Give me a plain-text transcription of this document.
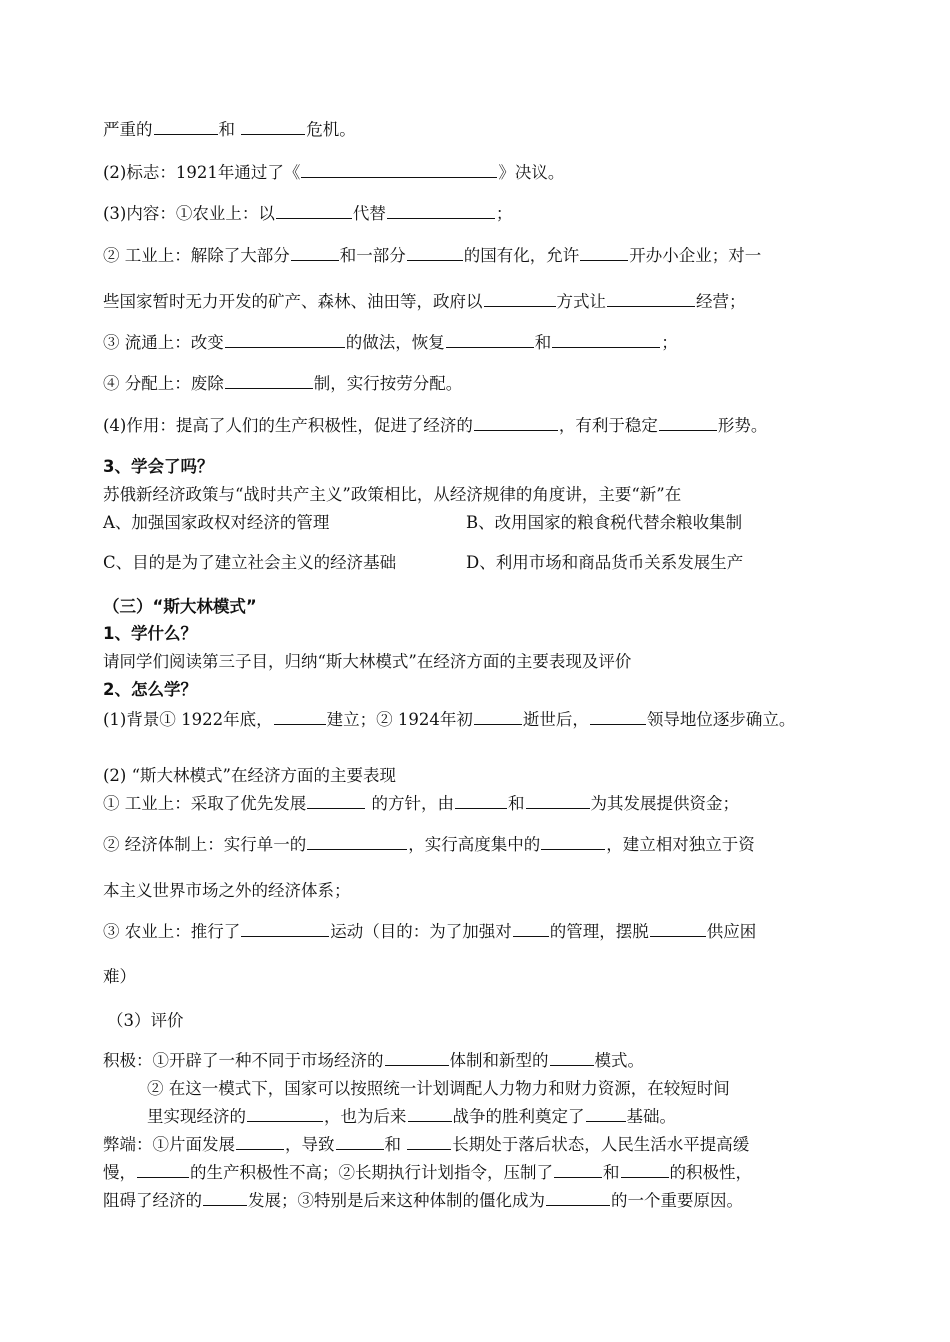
严重的	和	危机。
(2)标志：1921年通过了《	》决议。
(3)内容：①农业上：以	代替	；
② 工业上：解除了大部分	和一部分	的国有化，允许	开办小企业；对一
些国家暂时无力开发的矿产、森林、油田等，政府以	方式让	经营；
③ 流通上：改变	的做法，恢复	和	；
④ 分配上：废除	制，实行按劳分配。
(4)作用：提高了人们的生产积极性，促进了经济的	，有利于稳定	形势。
3、学会了吗？
苏俄新经济政策与“战时共产主义”政策相比，从经济规律的角度讲，主要“新”在
A、加强国家政权对经济的管理	B、改用国家的粮食税代替余粮收集制
C、目的是为了建立社会主义的经济基础	D、利用市场和商品货币关系发展生产
（三）“斯大林模式”
1、学什么？
请同学们阅读第三子目，归纳“斯大林模式”在经济方面的主要表现及评价
2、怎么学？
(1)背景① 1922年底，	建立；② 1924年初	逝世后，	领导地位逐步确立。
(2) “斯大林模式”在经济方面的主要表现
① 工业上：采取了优先发展	的方针，由	和	为其发展提供资金；
② 经济体制上：实行单一的	，实行高度集中的	，建立相对独立于资
本主义世界市场之外的经济体系；
③ 农业上：推行了	运动（目的：为了加强对 的管理，摆脱	供应困
难）
（3）评价
积极：①开辟了一种不同于市场经济的	体制和新型的	模式。
② 在这一模式下，国家可以按照统一计划调配人力物力和财力资源，在较短时间
里实现经济的	，也为后来	战争的胜利奠定了	基础。
弊端：①片面发展	，导致	和	长期处于落后状态，人民生活水平提高缓
慢，	的生产积极性不高；②长期执行计划指令，压制了	和	的积极性，
阻碍了经济的	发展；③特别是后来这种体制的僵化成为	的一个重要原因。
